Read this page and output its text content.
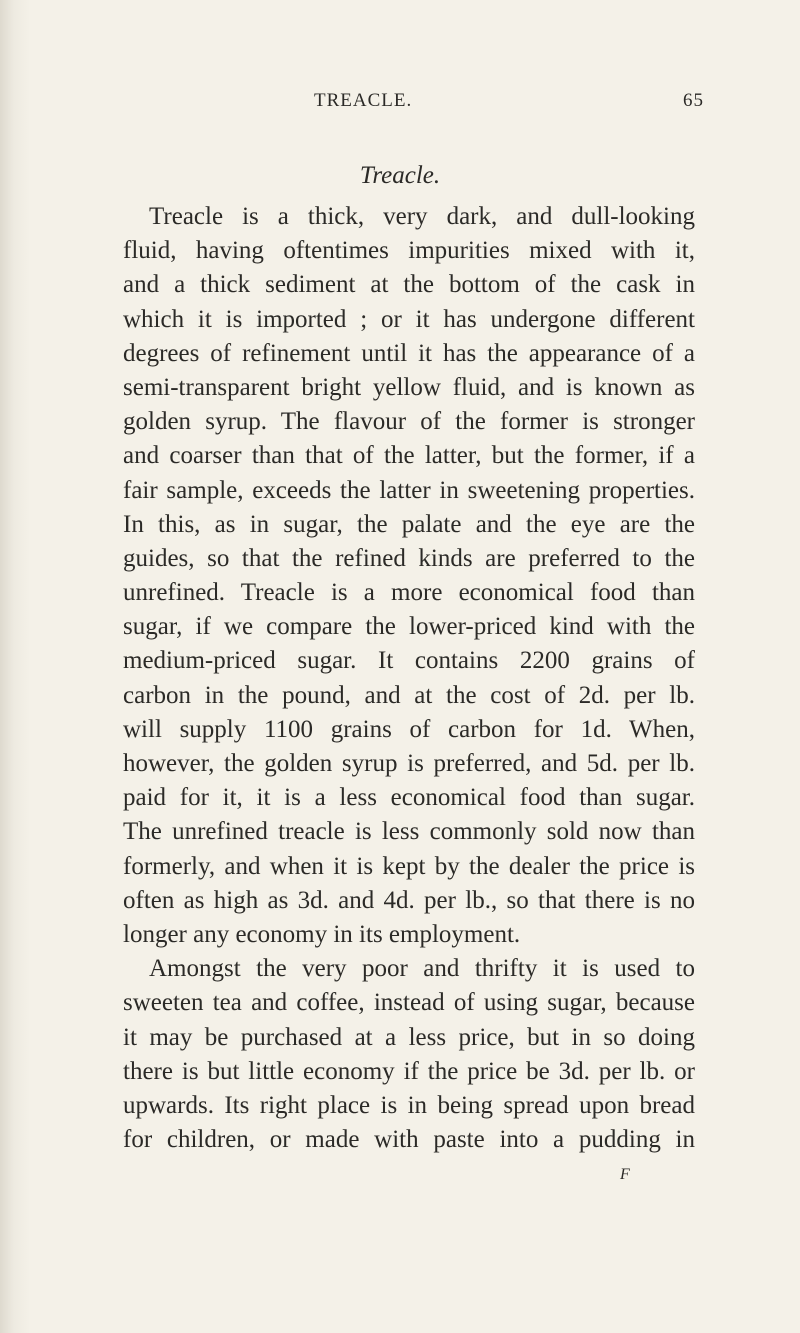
TREACLE.	65
Treacle.
Treacle is a thick, very dark, and dull-looking
fluid, having oftentimes impurities mixed with it,
and a thick sediment at the bottom of the cask in
which it is imported ; or it has undergone different
degrees of refinement until it has the appearance of a
semi-transparent bright yellow fluid, and is known as
golden syrup. The flavour of the former is stronger
and coarser than that of the latter, but the former, if a
fair sample, exceeds the latter in sweetening properties.
In this, as in sugar, the palate and the eye are the
guides, so that the refined kinds are preferred to the
unrefined. Treacle is a more economical food than
sugar, if we compare the lower-priced kind with the
medium-priced sugar. It contains 2200 grains of
carbon in the pound, and at the cost of 2d. per lb.
will supply 1100 grains of carbon for 1d. When,
however, the golden syrup is preferred, and 5d. per lb.
paid for it, it is a less economical food than sugar.
The unrefined treacle is less commonly sold now than
formerly, and when it is kept by the dealer the price is
often as high as 3d. and 4d. per lb., so that there is no
longer any economy in its employment.
Amongst the very poor and thrifty it is used to
sweeten tea and coffee, instead of using sugar, because
it may be purchased at a less price, but in so doing
there is but little economy if the price be 3d. per lb. or
upwards. Its right place is in being spread upon bread
for children, or made with paste into a pudding in
F
